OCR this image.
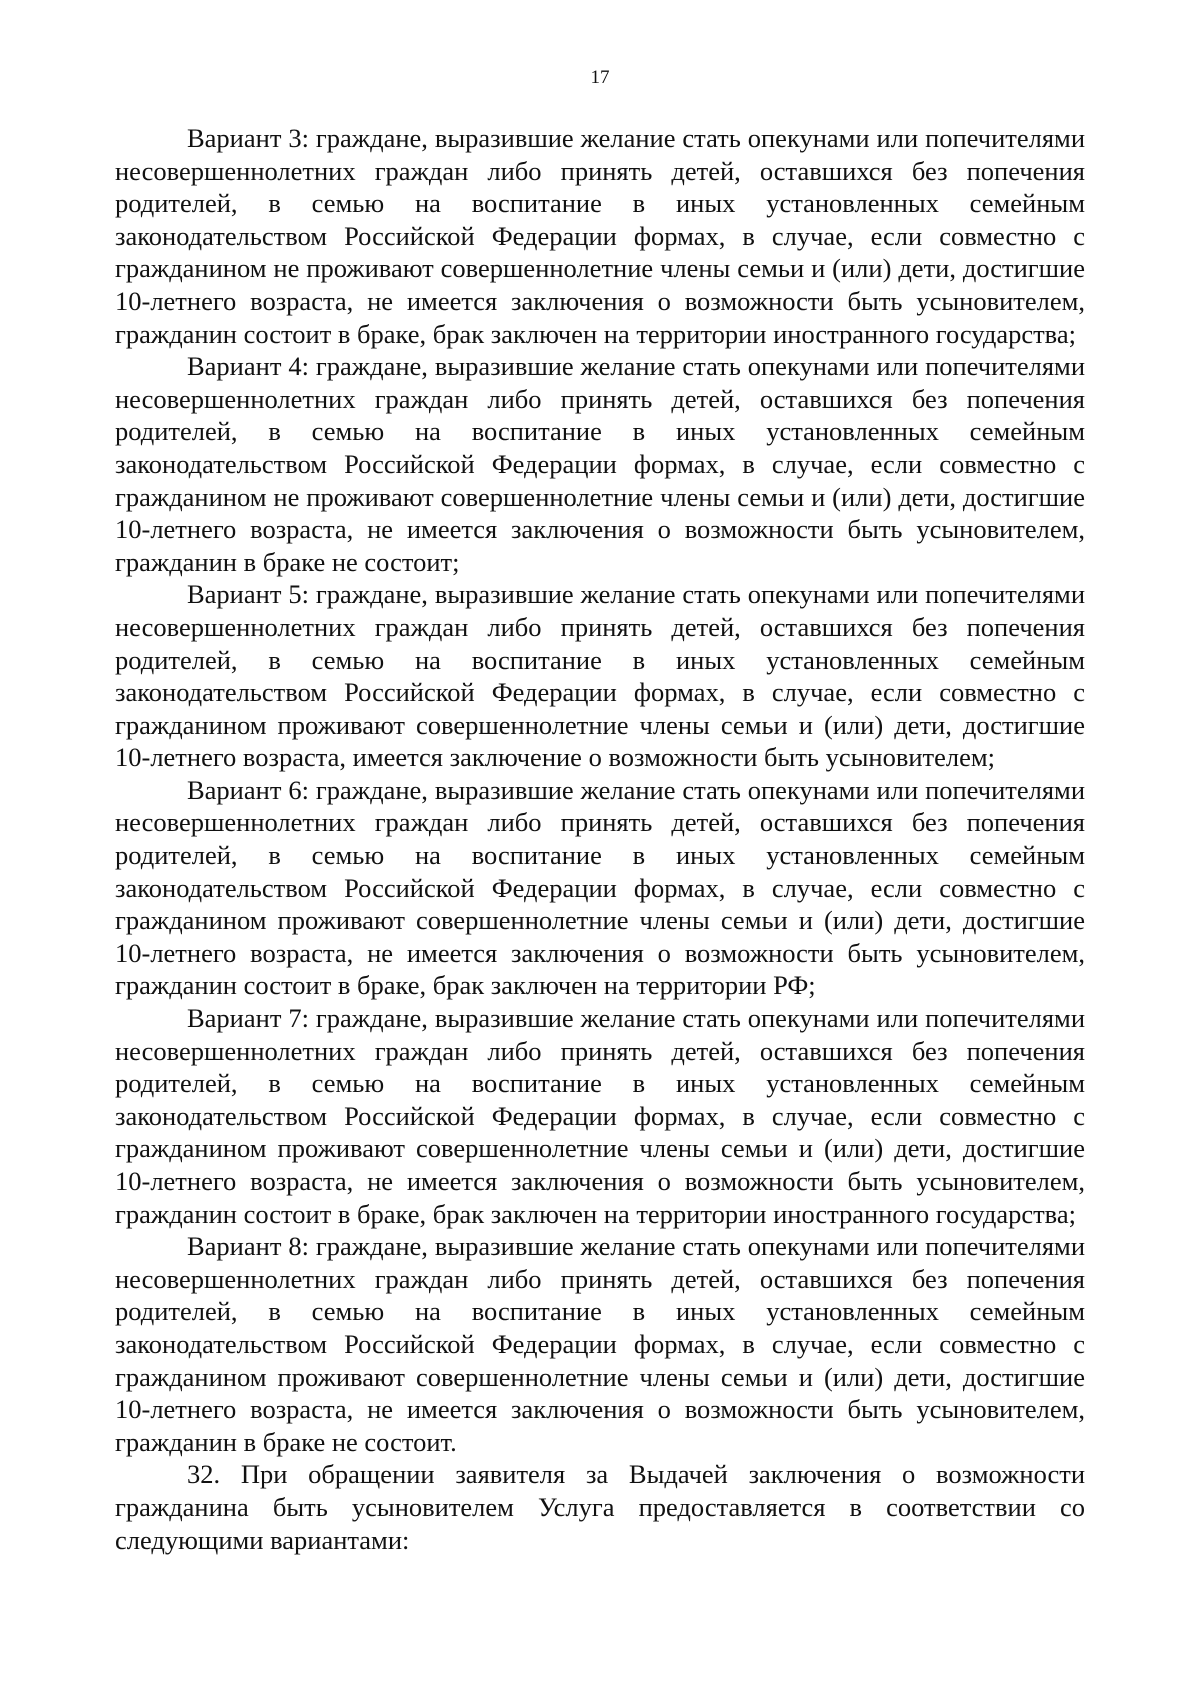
17

Вариант 3: граждане, выразившие желание стать опекунами или попечителями несовершеннолетних граждан либо принять детей, оставшихся без попечения родителей, в семью на воспитание в иных установленных семейным законодательством Российской Федерации формах, в случае, если совместно с гражданином не проживают совершеннолетние члены семьи и (или) дети, достигшие 10-летнего возраста, не имеется заключения о возможности быть усыновителем, гражданин состоит в браке, брак заключен на территории иностранного государства;

Вариант 4: граждане, выразившие желание стать опекунами или попечителями несовершеннолетних граждан либо принять детей, оставшихся без попечения родителей, в семью на воспитание в иных установленных семейным законодательством Российской Федерации формах, в случае, если совместно с гражданином не проживают совершеннолетние члены семьи и (или) дети, достигшие 10-летнего возраста, не имеется заключения о возможности быть усыновителем, гражданин в браке не состоит;

Вариант 5: граждане, выразившие желание стать опекунами или попечителями несовершеннолетних граждан либо принять детей, оставшихся без попечения родителей, в семью на воспитание в иных установленных семейным законодательством Российской Федерации формах, в случае, если совместно с гражданином проживают совершеннолетние члены семьи и (или) дети, достигшие 10-летнего возраста, имеется заключение о возможности быть усыновителем;

Вариант 6: граждане, выразившие желание стать опекунами или попечителями несовершеннолетних граждан либо принять детей, оставшихся без попечения родителей, в семью на воспитание в иных установленных семейным законодательством Российской Федерации формах, в случае, если совместно с гражданином проживают совершеннолетние члены семьи и (или) дети, достигшие 10-летнего возраста, не имеется заключения о возможности быть усыновителем, гражданин состоит в браке, брак заключен на территории РФ;

Вариант 7: граждане, выразившие желание стать опекунами или попечителями несовершеннолетних граждан либо принять детей, оставшихся без попечения родителей, в семью на воспитание в иных установленных семейным законодательством Российской Федерации формах, в случае, если совместно с гражданином проживают совершеннолетние члены семьи и (или) дети, достигшие 10-летнего возраста, не имеется заключения о возможности быть усыновителем, гражданин состоит в браке, брак заключен на территории иностранного государства;

Вариант 8: граждане, выразившие желание стать опекунами или попечителями несовершеннолетних граждан либо принять детей, оставшихся без попечения родителей, в семью на воспитание в иных установленных семейным законодательством Российской Федерации формах, в случае, если совместно с гражданином проживают совершеннолетние члены семьи и (или) дети, достигшие 10-летнего возраста, не имеется заключения о возможности быть усыновителем, гражданин в браке не состоит.

32. При обращении заявителя за Выдачей заключения о возможности гражданина быть усыновителем Услуга предоставляется в соответствии со следующими вариантами:
